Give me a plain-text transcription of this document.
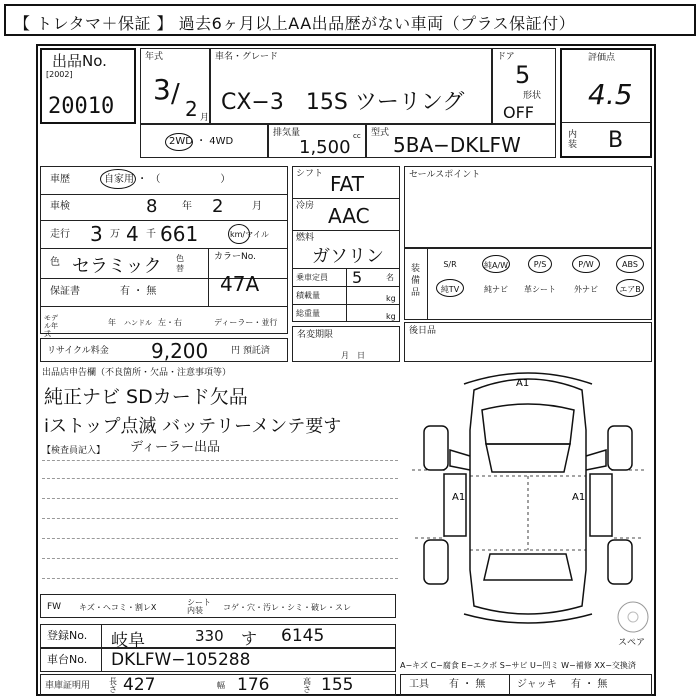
【 トレタマ＋保証 】 過去6ヶ月以上AA出品歴がない車両（プラス保証付）
出品No.
[2002]
20010
年式
3 / 2 月
車名・グレード
CX−3　15S ツーリング
ドア
5
形状
OFF
評価点
4.5
内装 B
2WD ・ 4WD
排気量
1,500
cc 型式 5BA−DKLFW
車歴	自家用 ・ （　　　　　　）
車検	8 年 2	月
走行 3 万 4 千 661	km/マイル
色 セラミック 色替
カラーNo.
47A
保証書	有 ・ 無
モデル年式
年 ハンドル 左・右	ディーラー・並行
リサイクル料金 9,200	円 預託済
シフト FAT
冷房 AAC
燃料
ガソリン
乗車定員 5	名
積載量	kg
総重量	kg
名変期限
月　日
セールスポイント
装備品
S/R	純A/W	P/S	P/W	ABS
純TV	純ナビ	革シート	外ナビ	エアB
後日品
出品店申告欄（不良箇所・欠品・注意事項等）
純正ナビ SDカード欠品
iストップ点滅 バッテリーメンテ要す
【検査員記入】 ディーラー出品
FW キズ・ヘコミ・割レX
シート内装	コゲ・穴・汚レ・シミ・破レ・スレ
登録No. 岐阜	330 す 6145
車台No. DKLFW−105288
車庫証明用 長さ 427	幅 176	高さ 155
A−キズ C−腐食 E−エクボ S−サビ U−凹ミ W−補修 XX−交換済
工具 有 ・ 無	ジャッキ 有 ・ 無
A1
A1	A1
スペア
